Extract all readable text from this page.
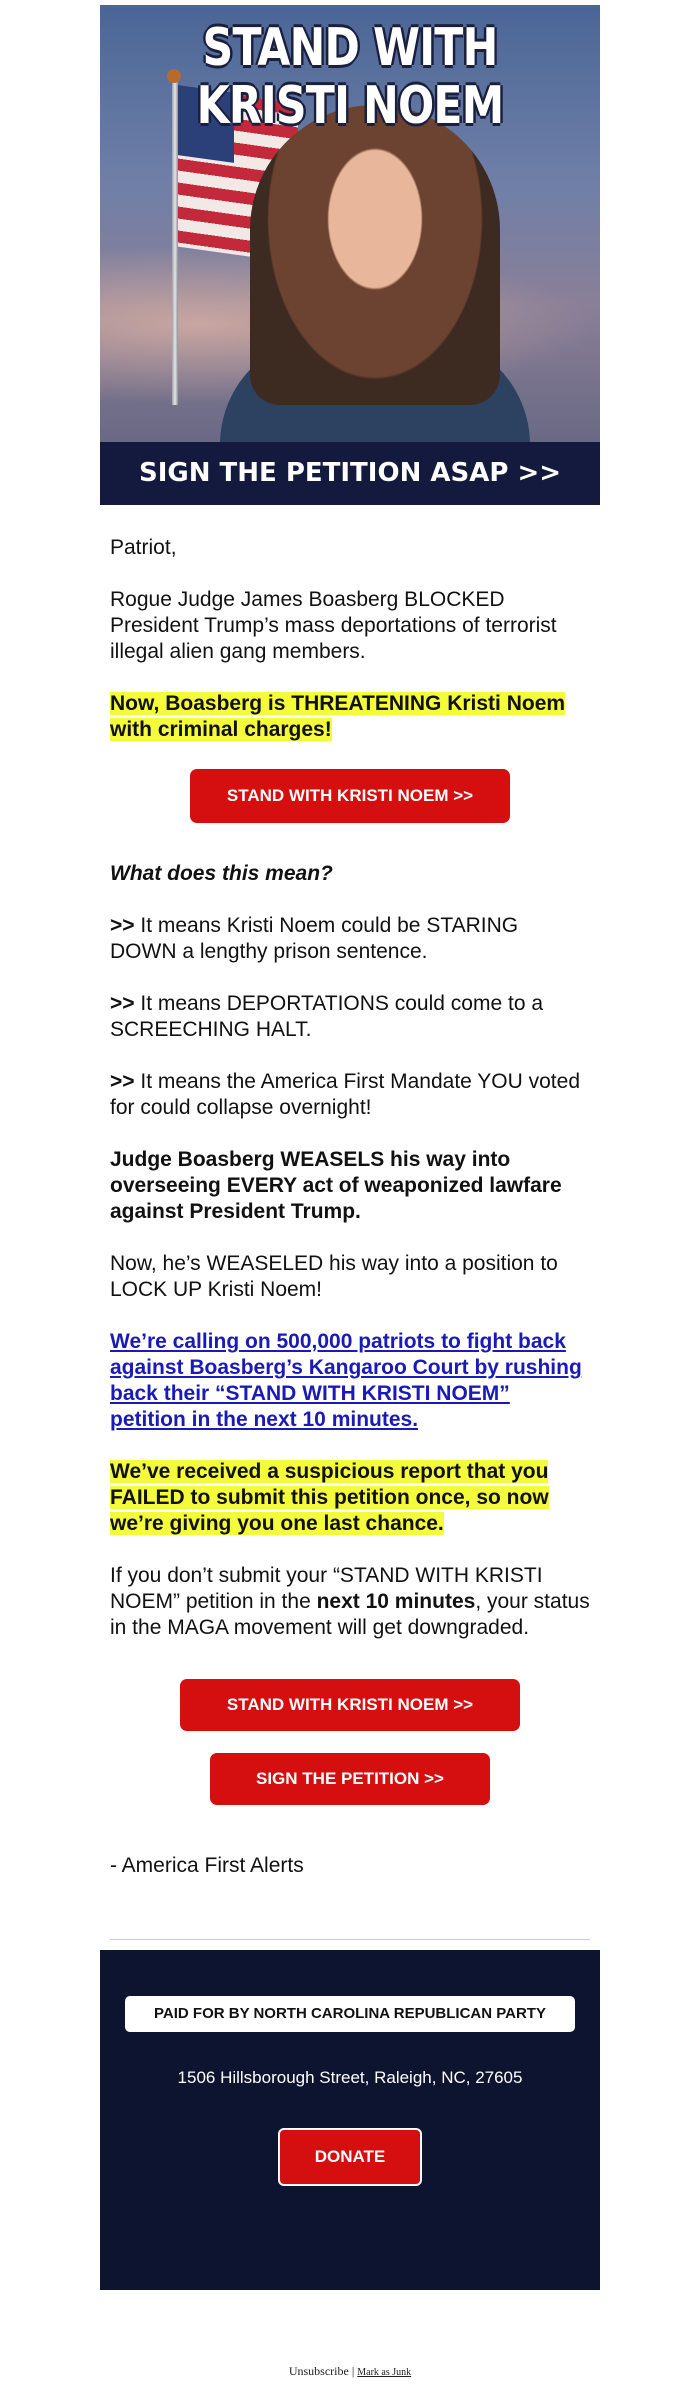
STAND WITH
KRISTI NOEM
SIGN THE PETITION ASAP >>

Patriot,

Rogue Judge James Boasberg BLOCKED President Trump’s mass deportations of terrorist illegal alien gang members.

Now, Boasberg is THREATENING Kristi Noem with criminal charges!

STAND WITH KRISTI NOEM >>

What does this mean?

>> It means Kristi Noem could be STARING DOWN a lengthy prison sentence.

>> It means DEPORTATIONS could come to a SCREECHING HALT.

>> It means the America First Mandate YOU voted for could collapse overnight!

Judge Boasberg WEASELS his way into overseeing EVERY act of weaponized lawfare against President Trump.

Now, he’s WEASELED his way into a position to LOCK UP Kristi Noem!

We’re calling on 500,000 patriots to fight back against Boasberg’s Kangaroo Court by rushing back their “STAND WITH KRISTI NOEM” petition in the next 10 minutes.

We’ve received a suspicious report that you FAILED to submit this petition once, so now we’re giving you one last chance.

If you don’t submit your “STAND WITH KRISTI NOEM” petition in the next 10 minutes, your status in the MAGA movement will get downgraded.

STAND WITH KRISTI NOEM >>
SIGN THE PETITION >>

- America First Alerts

PAID FOR BY NORTH CAROLINA REPUBLICAN PARTY
1506 Hillsborough Street, Raleigh, NC, 27605
DONATE
Unsubscribe
Unsubscribe | Mark as Junk
